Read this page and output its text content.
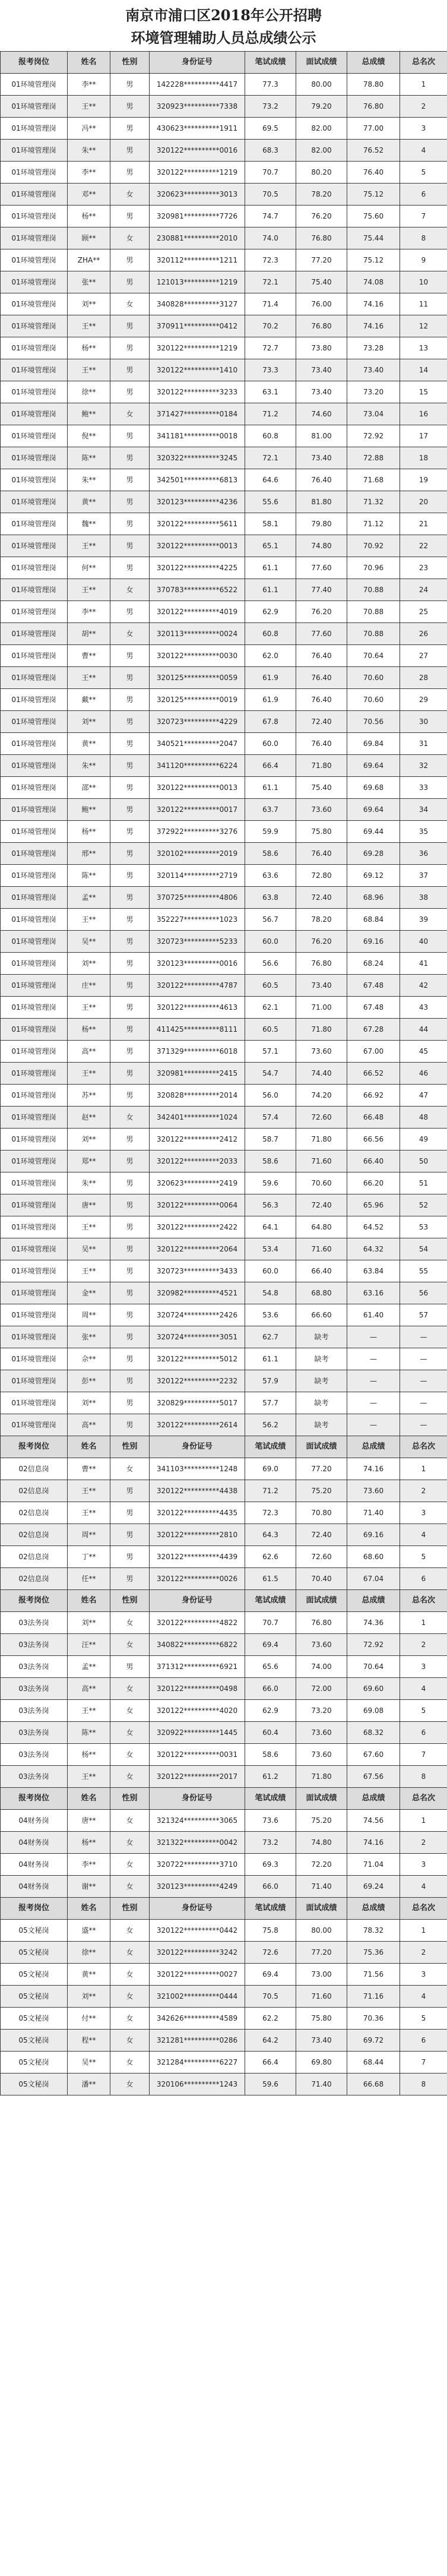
南京市浦口区2018年公开招聘
环境管理辅助人员总成绩公示
报考岗位	姓名	性别	身份证号	笔试成绩	面试成绩	总成绩	总名次
01环境管理岗	李**	男	142228**********4417	77.3	80.00	78.80	1
01环境管理岗	王**	男	320923**********7338	73.2	79.20	76.80	2
01环境管理岗	冯**	男	430623**********1911	69.5	82.00	77.00	3
01环境管理岗	朱**	男	320122**********0016	68.3	82.00	76.52	4
01环境管理岗	李**	男	320122**********1219	70.7	80.20	76.40	5
01环境管理岗	邓**	女	320623**********3013	70.5	78.20	75.12	6
01环境管理岗	杨**	男	320981**********7726	74.7	76.20	75.60	7
01环境管理岗	顾**	女	230881**********2010	74.0	76.80	75.44	8
01环境管理岗	ZHA**	男	320112**********1211	72.3	77.20	75.12	9
01环境管理岗	张**	男	121013**********1219	72.1	75.40	74.08	10
01环境管理岗	刘**	女	340828**********3127	71.4	76.00	74.16	11
01环境管理岗	王**	男	370911**********0412	70.2	76.80	74.16	12
01环境管理岗	杨**	男	320122**********1219	72.7	73.80	73.28	13
01环境管理岗	王**	男	320122**********1410	73.3	73.40	73.40	14
01环境管理岗	徐**	男	320122**********3233	63.1	73.40	73.20	15
01环境管理岗	鲍**	女	371427**********0184	71.2	74.60	73.04	16
01环境管理岗	倪**	男	341181**********0018	60.8	81.00	72.92	17
01环境管理岗	陈**	男	320322**********3245	72.1	73.40	72.88	18
01环境管理岗	朱**	男	342501**********6813	64.6	76.40	71.68	19
01环境管理岗	黄**	男	320123**********4236	55.6	81.80	71.32	20
01环境管理岗	魏**	男	320122**********5611	58.1	79.80	71.12	21
01环境管理岗	王**	男	320122**********0013	65.1	74.80	70.92	22
01环境管理岗	何**	男	320122**********4225	61.1	77.60	70.96	23
01环境管理岗	王**	女	370783**********6522	61.1	77.40	70.88	24
01环境管理岗	李**	男	320122**********4019	62.9	76.20	70.88	25
01环境管理岗	胡**	女	320113**********0024	60.8	77.60	70.88	26
01环境管理岗	曹**	男	320122**********0030	62.0	76.40	70.64	27
01环境管理岗	王**	男	320125**********0059	61.9	76.40	70.60	28
01环境管理岗	戴**	男	320125**********0019	61.9	76.40	70.60	29
01环境管理岗	刘**	男	320723**********4229	67.8	72.40	70.56	30
01环境管理岗	黄**	男	340521**********2047	60.0	76.40	69.84	31
01环境管理岗	朱**	男	341120**********6224	66.4	71.80	69.64	32
01环境管理岗	邵**	男	320122**********0013	61.1	75.40	69.68	33
01环境管理岗	鲍**	男	320122**********0017	63.7	73.60	69.64	34
01环境管理岗	杨**	男	372922**********3276	59.9	75.80	69.44	35
01环境管理岗	邢**	男	320102**********2019	58.6	76.40	69.28	36
01环境管理岗	陈**	男	320114**********2719	63.6	72.80	69.12	37
01环境管理岗	孟**	男	370725**********4806	63.8	72.40	68.96	38
01环境管理岗	王**	男	352227**********1023	56.7	78.20	68.84	39
01环境管理岗	吴**	男	320723**********5233	60.0	76.20	69.16	40
01环境管理岗	刘**	男	320123**********0016	56.6	76.80	68.24	41
01环境管理岗	庄**	男	320122**********4787	60.5	73.40	67.48	42
01环境管理岗	王**	男	320122**********4613	62.1	71.00	67.48	43
01环境管理岗	杨**	男	411425**********8111	60.5	71.80	67.28	44
01环境管理岗	高**	男	371329**********6018	57.1	73.60	67.00	45
01环境管理岗	王**	男	320981**********2415	54.7	74.40	66.52	46
01环境管理岗	苏**	男	320828**********2014	56.0	74.20	66.92	47
01环境管理岗	赵**	女	342401**********1024	57.4	72.60	66.48	48
01环境管理岗	刘**	男	320122**********2412	58.7	71.80	66.56	49
01环境管理岗	郑**	男	320122**********2033	58.6	71.60	66.40	50
01环境管理岗	朱**	男	320623**********2419	59.6	70.60	66.20	51
01环境管理岗	唐**	男	320122**********0064	56.3	72.40	65.96	52
01环境管理岗	王**	男	320122**********2422	64.1	64.80	64.52	53
01环境管理岗	吴**	男	320122**********2064	53.4	71.60	64.32	54
01环境管理岗	王**	男	320723**********3433	60.0	66.40	63.84	55
01环境管理岗	金**	男	320982**********4521	54.8	68.80	63.16	56
01环境管理岗	周**	男	320724**********2426	53.6	66.60	61.40	57
01环境管理岗	张**	男	320724**********3051	62.7	缺考	—	—
01环境管理岗	佘**	男	320122**********5012	61.1	缺考	—	—
01环境管理岗	彭**	男	320122**********2232	57.9	缺考	—	—
01环境管理岗	刘**	男	320829**********5017	57.7	缺考	—	—
01环境管理岗	高**	男	320122**********2614	56.2	缺考	—	—
报考岗位	姓名	性别	身份证号	笔试成绩	面试成绩	总成绩	总名次
02信息岗	曹**	女	341103**********1248	69.0	77.20	74.16	1
02信息岗	王**	男	320122**********4438	71.2	75.20	73.60	2
02信息岗	王**	男	320122**********4435	72.3	70.80	71.40	3
02信息岗	周**	男	320122**********2810	64.3	72.40	69.16	4
02信息岗	丁**	男	320122**********4439	62.6	72.60	68.60	5
02信息岗	任**	男	320122**********0026	61.5	70.40	67.04	6
报考岗位	姓名	性别	身份证号	笔试成绩	面试成绩	总成绩	总名次
03法务岗	刘**	女	320122**********4822	70.7	76.80	74.36	1
03法务岗	汪**	女	340822**********6822	69.4	73.60	72.92	2
03法务岗	孟**	男	371312**********6921	65.6	74.00	70.64	3
03法务岗	高**	女	320122**********0498	66.0	72.00	69.60	4
03法务岗	王**	女	320122**********4020	62.9	73.20	69.08	5
03法务岗	陈**	女	320922**********1445	60.4	73.60	68.32	6
03法务岗	杨**	女	320122**********0031	58.6	73.60	67.60	7
03法务岗	王**	女	320122**********2017	61.2	71.80	67.56	8
报考岗位	姓名	性别	身份证号	笔试成绩	面试成绩	总成绩	总名次
04财务岗	唐**	女	321324**********3065	73.6	75.20	74.56	1
04财务岗	杨**	女	321322**********0042	73.2	74.80	74.16	2
04财务岗	李**	女	320722**********3710	69.3	72.20	71.04	3
04财务岗	谢**	女	320123**********4249	66.0	71.40	69.24	4
报考岗位	姓名	性别	身份证号	笔试成绩	面试成绩	总成绩	总名次
05文秘岗	盛**	女	320122**********0442	75.8	80.00	78.32	1
05文秘岗	徐**	女	320122**********3242	72.6	77.20	75.36	2
05文秘岗	黄**	女	320122**********0027	69.4	73.00	71.56	3
05文秘岗	刘**	女	321002**********0444	70.5	71.60	71.16	4
05文秘岗	付**	女	342626**********4589	62.2	75.80	70.36	5
05文秘岗	程**	女	321281**********0286	64.2	73.40	69.72	6
05文秘岗	吴**	女	321284**********6227	66.4	69.80	68.44	7
05文秘岗	潘**	女	320106**********1243	59.6	71.40	66.68	8
